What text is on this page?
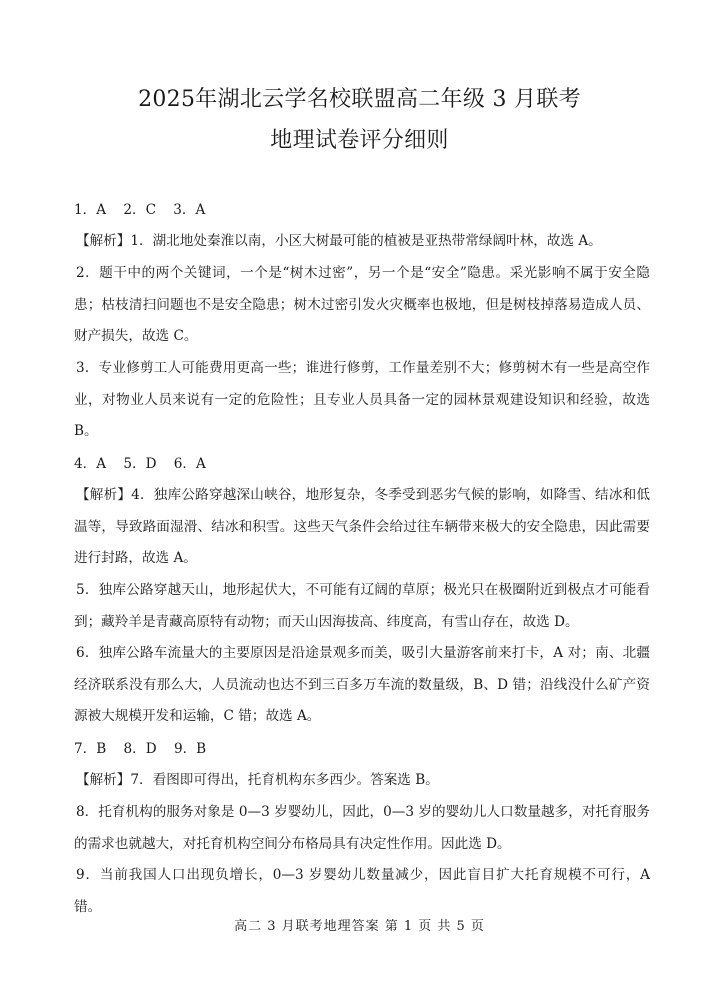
2025年湖北云学名校联盟高二年级 3 月联考
地理试卷评分细则
1．A    2．C    3．A

【解析】1．湖北地处秦淮以南，小区大树最可能的植被是亚热带常绿阔叶林，故选 A。

2．题干中的两个关键词，一个是“树木过密”，另一个是“安全”隐患。采光影响不属于安全隐患；枯枝清扫问题也不是安全隐患；树木过密引发火灾概率也极地，但是树枝掉落易造成人员、财产损失，故选 C。

3．专业修剪工人可能费用更高一些；谁进行修剪，工作量差别不大；修剪树木有一些是高空作业，对物业人员来说有一定的危险性；且专业人员具备一定的园林景观建设知识和经验，故选 B。

4．A    5．D    6．A

【解析】4．独库公路穿越深山峡谷，地形复杂，冬季受到恶劣气候的影响，如降雪、结冰和低温等，导致路面湿滑、结冰和积雪。这些天气条件会给过往车辆带来极大的安全隐患，因此需要进行封路，故选 A。

5．独库公路穿越天山，地形起伏大，不可能有辽阔的草原；极光只在极圈附近到极点才可能看到；藏羚羊是青藏高原特有动物；而天山因海拔高、纬度高，有雪山存在，故选 D。

6．独库公路车流量大的主要原因是沿途景观多而美，吸引大量游客前来打卡，A 对；南、北疆经济联系没有那么大，人员流动也达不到三百多万车流的数量级，B、D 错；沿线没什么矿产资源被大规模开发和运输，C 错；故选 A。

7．B    8．D    9．B

【解析】7．看图即可得出，托育机构东多西少。答案选 B。

8．托育机构的服务对象是 0—3 岁婴幼儿，因此，0—3 岁的婴幼儿人口数量越多，对托育服务的需求也就越大，对托育机构空间分布格局具有决定性作用。因此选 D。

9．当前我国人口出现负增长，0—3 岁婴幼儿数量减少，因此盲目扩大托育规模不可行，A 错。

高二 3 月联考地理答案 第 1 页 共 5 页
